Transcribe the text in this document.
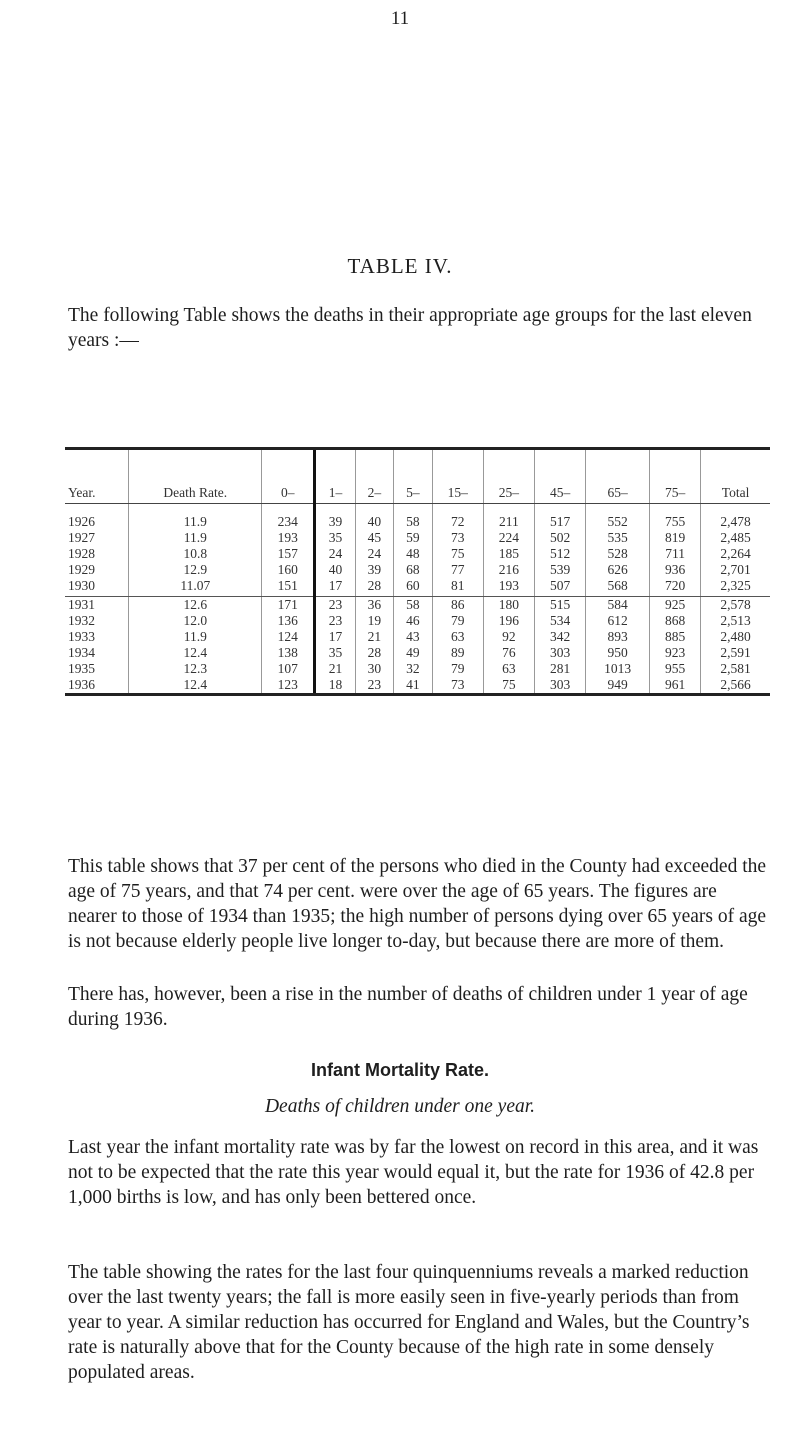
11
TABLE IV.

The following Table shows the deaths in their appropriate age groups for the last eleven years :—

Year.	Death Rate.	0–	1–	2–	5–	15–	25–	45–	65–	75–	Total
1926	11.9	234	39	40	58	72	211	517	552	755	2,478
1927	11.9	193	35	45	59	73	224	502	535	819	2,485
1928	10.8	157	24	24	48	75	185	512	528	711	2,264
1929	12.9	160	40	39	68	77	216	539	626	936	2,701
1930	11.07	151	17	28	60	81	193	507	568	720	2,325
1931	12.6	171	23	36	58	86	180	515	584	925	2,578
1932	12.0	136	23	19	46	79	196	534	612	868	2,513
1933	11.9	124	17	21	43	63	92	342	893	885	2,480
1934	12.4	138	35	28	49	89	76	303	950	923	2,591
1935	12.3	107	21	30	32	79	63	281	1013	955	2,581
1936	12.4	123	18	23	41	73	75	303	949	961	2,566

This table shows that 37 per cent of the persons who died in the County had exceeded the age of 75 years, and that 74 per cent. were over the age of 65 years. The figures are nearer to those of 1934 than 1935; the high number of persons dying over 65 years of age is not because elderly people live longer to-day, but because there are more of them.

There has, however, been a rise in the number of deaths of children under 1 year of age during 1936.

Infant Mortality Rate.
Deaths of children under one year.

Last year the infant mortality rate was by far the lowest on record in this area, and it was not to be expected that the rate this year would equal it, but the rate for 1936 of 42.8 per 1,000 births is low, and has only been bettered once.

The table showing the rates for the last four quinquenniums reveals a marked reduction over the last twenty years; the fall is more easily seen in five-yearly periods than from year to year. A similar reduction has occurred for England and Wales, but the Country’s rate is naturally above that for the County because of the high rate in some densely populated areas.
